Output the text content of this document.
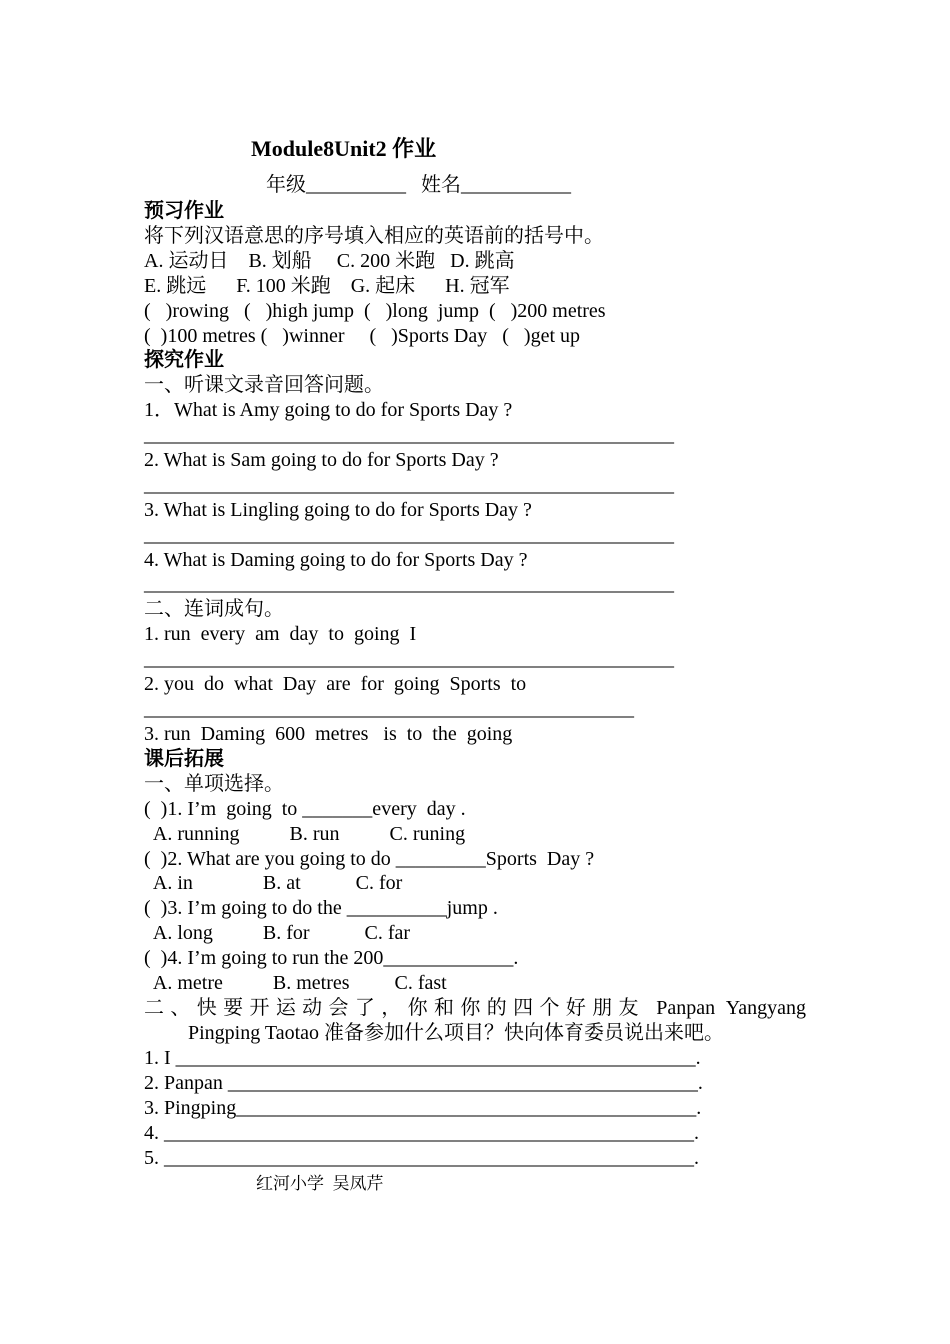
Module8Unit2 作业

年级__________   姓名___________

预习作业

将下列汉语意思的序号填入相应的英语前的括号中。

A. 运动日    B. 划船     C. 200 米跑   D. 跳高

E. 跳远      F. 100 米跑    G. 起床      H. 冠军

(   )rowing   (   )high jump  (   )long  jump  (   )200 metres

(  )100 metres (   )winner     (   )Sports Day   (   )get up

探究作业

一、听课文录音回答问题。

1．What is Amy going to do for Sports Day ?

_____________________________________________________

2. What is Sam going to do for Sports Day ?

_____________________________________________________

3. What is Lingling going to do for Sports Day ?

_____________________________________________________

4. What is Daming going to do for Sports Day ?

_____________________________________________________

二、连词成句。

1. run  every  am  day  to  going  I

_____________________________________________________

2. you  do  what  Day  are  for  going  Sports  to

_________________________________________________

3. run  Daming  600  metres   is  to  the  going

课后拓展

一、单项选择。

(  )1. I’m  going  to _______every  day .

A. running          B. run          C. runing

(  )2. What are you going to do _________Sports  Day ?

A. in              B. at           C. for

(  )3. I’m going to do the __________jump .

A. long          B. for           C. far

(  )4. I’m going to run the 200_____________.

A. metre          B. metres         C. fast

二、快要开运动会了，你和你的四个好朋友 Panpan Yangyang

Pingping Taotao 准备参加什么项目？快向体育委员说出来吧。

1. I ____________________________________________________.

2. Panpan _______________________________________________.

3. Pingping______________________________________________.

4. _____________________________________________________.

5. _____________________________________________________.

红河小学  吴凤芹
